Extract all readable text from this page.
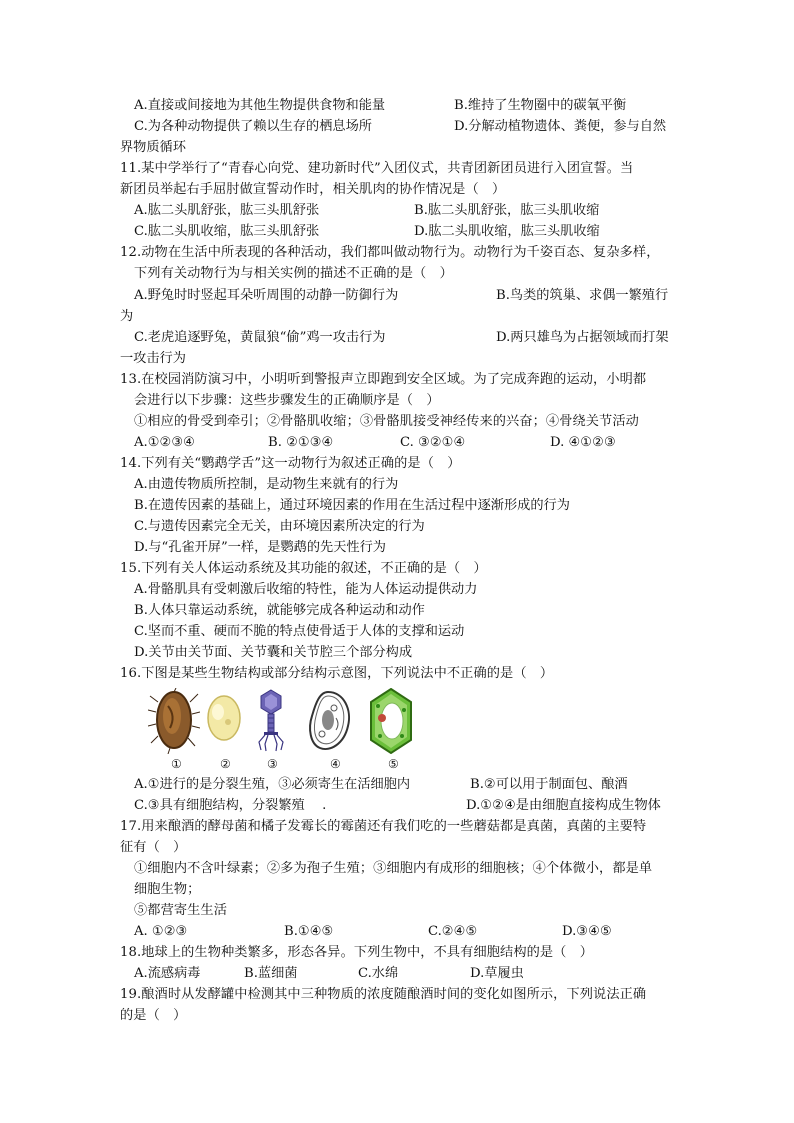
A.直接或间接地为其他生物提供食物和能量	B.维持了生物圈中的碳氧平衡
C.为各种动物提供了赖以生存的栖息场所	D.分解动植物遗体、粪便，参与自然
界物质循环
11.某中学举行了“青春心向党、建功新时代”入团仪式，共青团新团员进行入团宣誓。当
新团员举起右手屈肘做宣誓动作时，相关肌肉的协作情况是（　）
A.肱二头肌舒张，肱三头肌舒张	B.肱二头肌舒张，肱三头肌收缩
C.肱二头肌收缩，肱三头肌舒张	D.肱二头肌收缩，肱三头肌收缩
12.动物在生活中所表现的各种活动，我们都叫做动物行为。动物行为千姿百态、复杂多样，
下列有关动物行为与相关实例的描述不正确的是（　）
A.野兔时时竖起耳朵听周围的动静一防御行为	B.鸟类的筑巢、求偶一繁殖行
为
C.老虎追逐野兔，黄鼠狼“偷”鸡一攻击行为	D.两只雄鸟为占据领域而打架
一攻击行为
13.在校园消防演习中，小明听到警报声立即跑到安全区域。为了完成奔跑的运动，小明都
会进行以下步骤：这些步骤发生的正确顺序是（　）
①相应的骨受到牵引；②骨骼肌收缩；③骨骼肌接受神经传来的兴奋；④骨绕关节活动
A.①②③④	B. ②①③④	C. ③②①④	D. ④①②③
14.下列有关“鹦鹉学舌”这一动物行为叙述正确的是（　）
A.由遗传物质所控制，是动物生来就有的行为
B.在遗传因素的基础上，通过环境因素的作用在生活过程中逐渐形成的行为
C.与遗传因素完全无关，由环境因素所决定的行为
D.与“孔雀开屏”一样，是鹦鹉的先天性行为
15.下列有关人体运动系统及其功能的叙述，不正确的是（　）
A.骨骼肌具有受刺激后收缩的特性，能为人体运动提供动力
B.人体只靠运动系统，就能够完成各种运动和动作
C.坚而不重、硬而不脆的特点使骨适于人体的支撑和运动
D.关节由关节面、关节囊和关节腔三个部分构成
16.下图是某些生物结构或部分结构示意图，下列说法中不正确的是（　）
①	②	③	④	⑤
A.①进行的是分裂生殖，③必须寄生在活细胞内	B.②可以用于制面包、酿酒
C.③具有细胞结构，分裂繁殖　 .	D.①②④是由细胞直接构成生物体
17.用来酿酒的酵母菌和橘子发霉长的霉菌还有我们吃的一些蘑菇都是真菌，真菌的主要特
征有（　）
①细胞内不含叶绿素；②多为孢子生殖；③细胞内有成形的细胞核；④个体微小，都是单
细胞生物；
⑤都营寄生生活
A. ①②③	B.①④⑤	C.②④⑤	D.③④⑤
18.地球上的生物种类繁多，形态各异。下列生物中，不具有细胞结构的是（　）
A.流感病毒	B.蓝细菌	C.水绵	D.草履虫
19.酿酒时从发酵罐中检测其中三种物质的浓度随酿酒时间的变化如图所示，下列说法正确
的是（　）
